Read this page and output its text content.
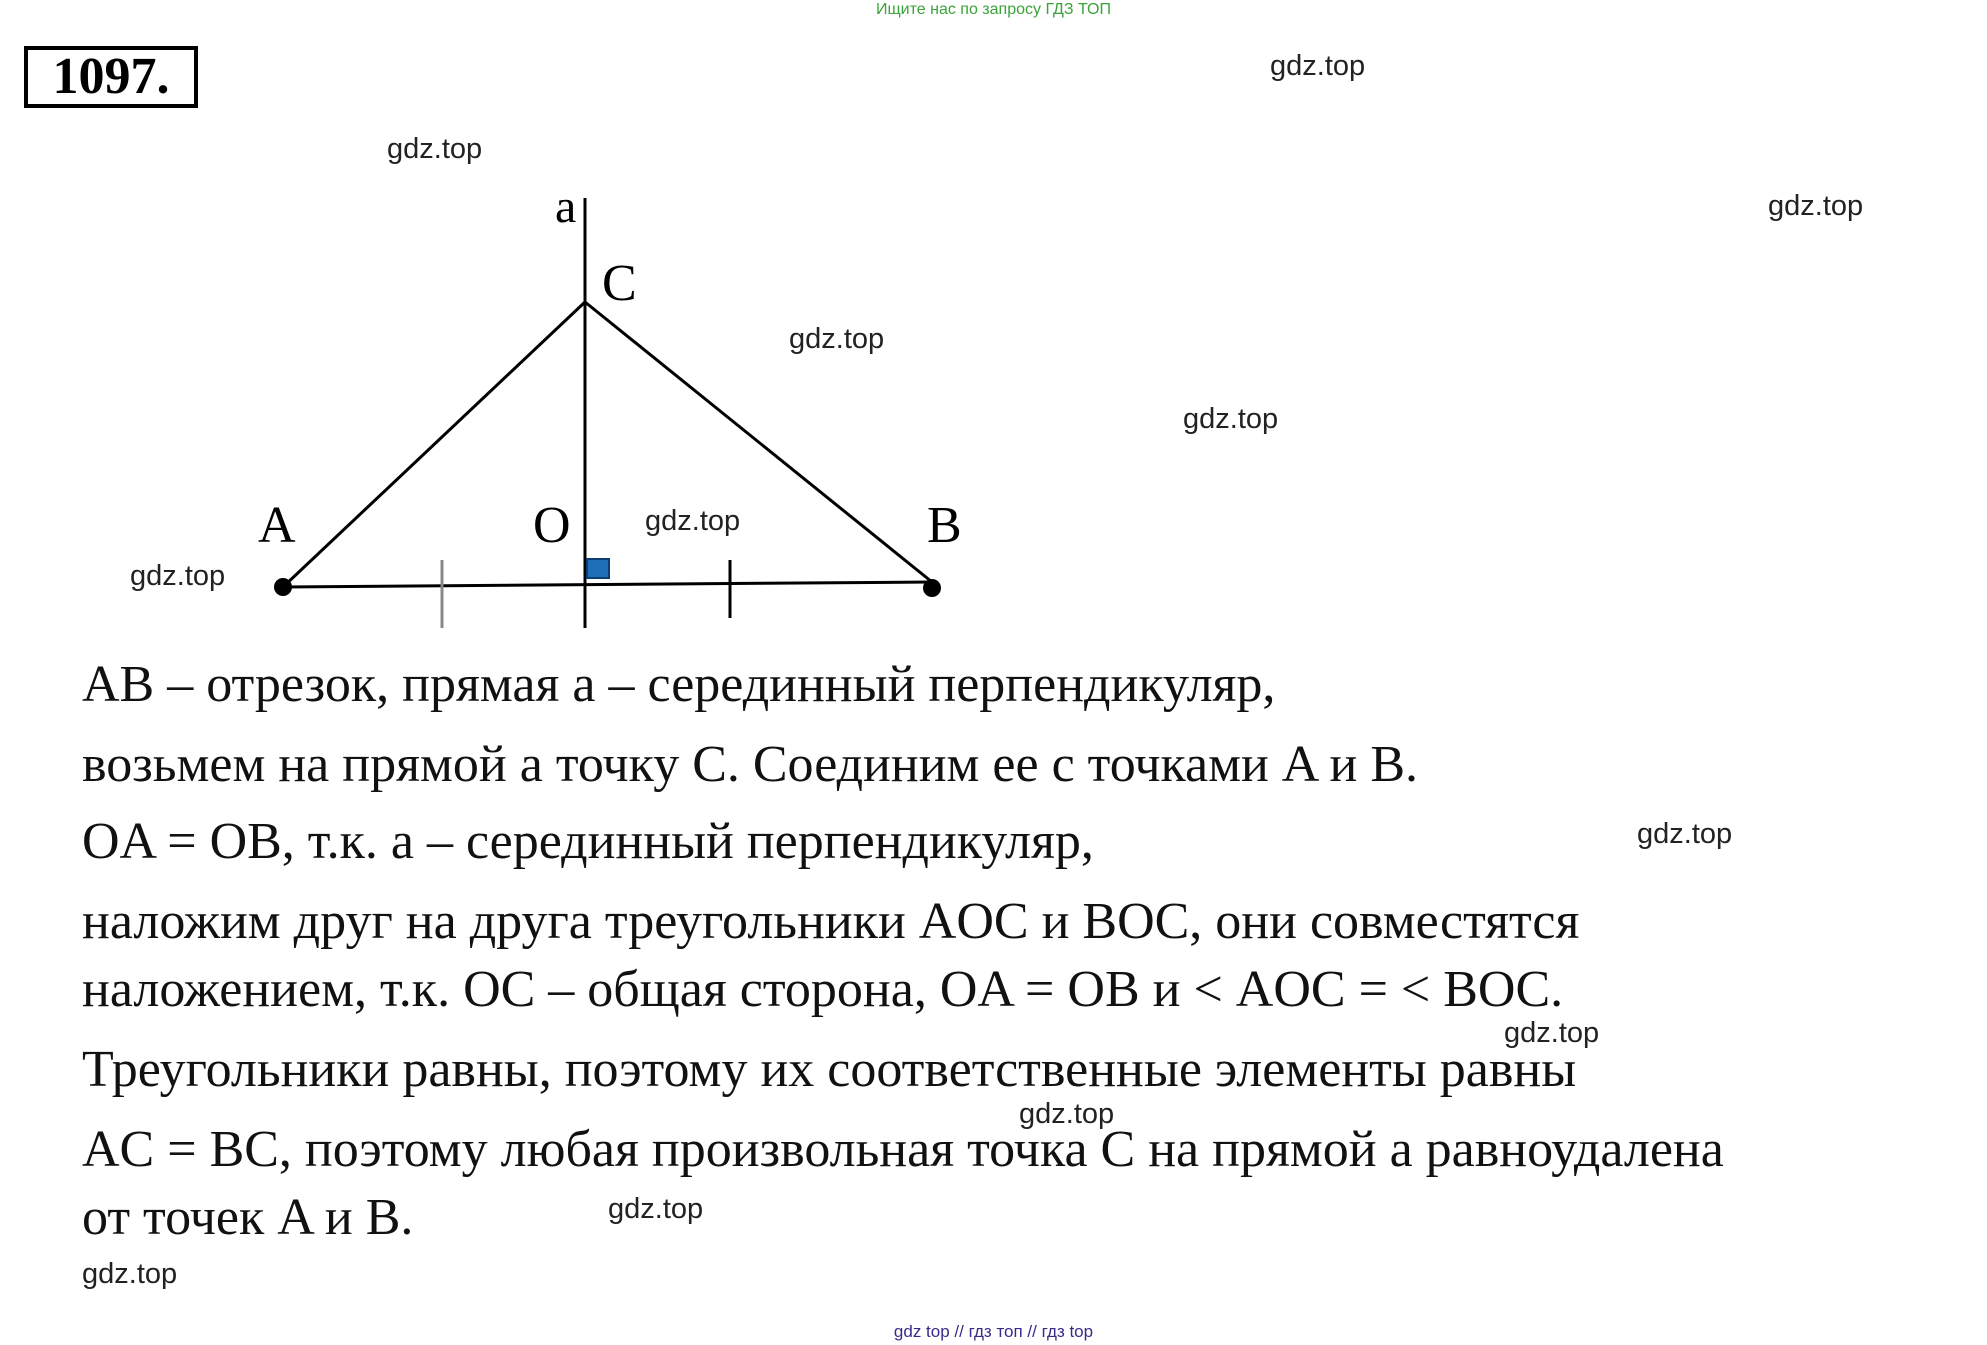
Ищите нас по запросу ГДЗ ТОП
1097.
a
C
A	O	B
gdz.top
gdz.top
gdz.top
gdz.top
gdz.top
gdz.top
gdz.top
gdz.top
gdz.top
gdz.top
gdz.top
gdz.top
AB – отрезок, прямая a – серединный перпендикуляр,
возьмем на прямой a точку C. Соединим ее с точками A и B.
OA = OB, т.к. a – серединный перпендикуляр,
наложим друг на друга треугольники AOC и BOC, они совместятся
наложением, т.к. OC – общая сторона, OA = OB и < AOC = < BOC.
Треугольники равны, поэтому их соответственные элементы равны
AC = BC, поэтому любая произвольная точка C на прямой a равноудалена
от точек A и B.
gdz top // гдз топ // гдз top
